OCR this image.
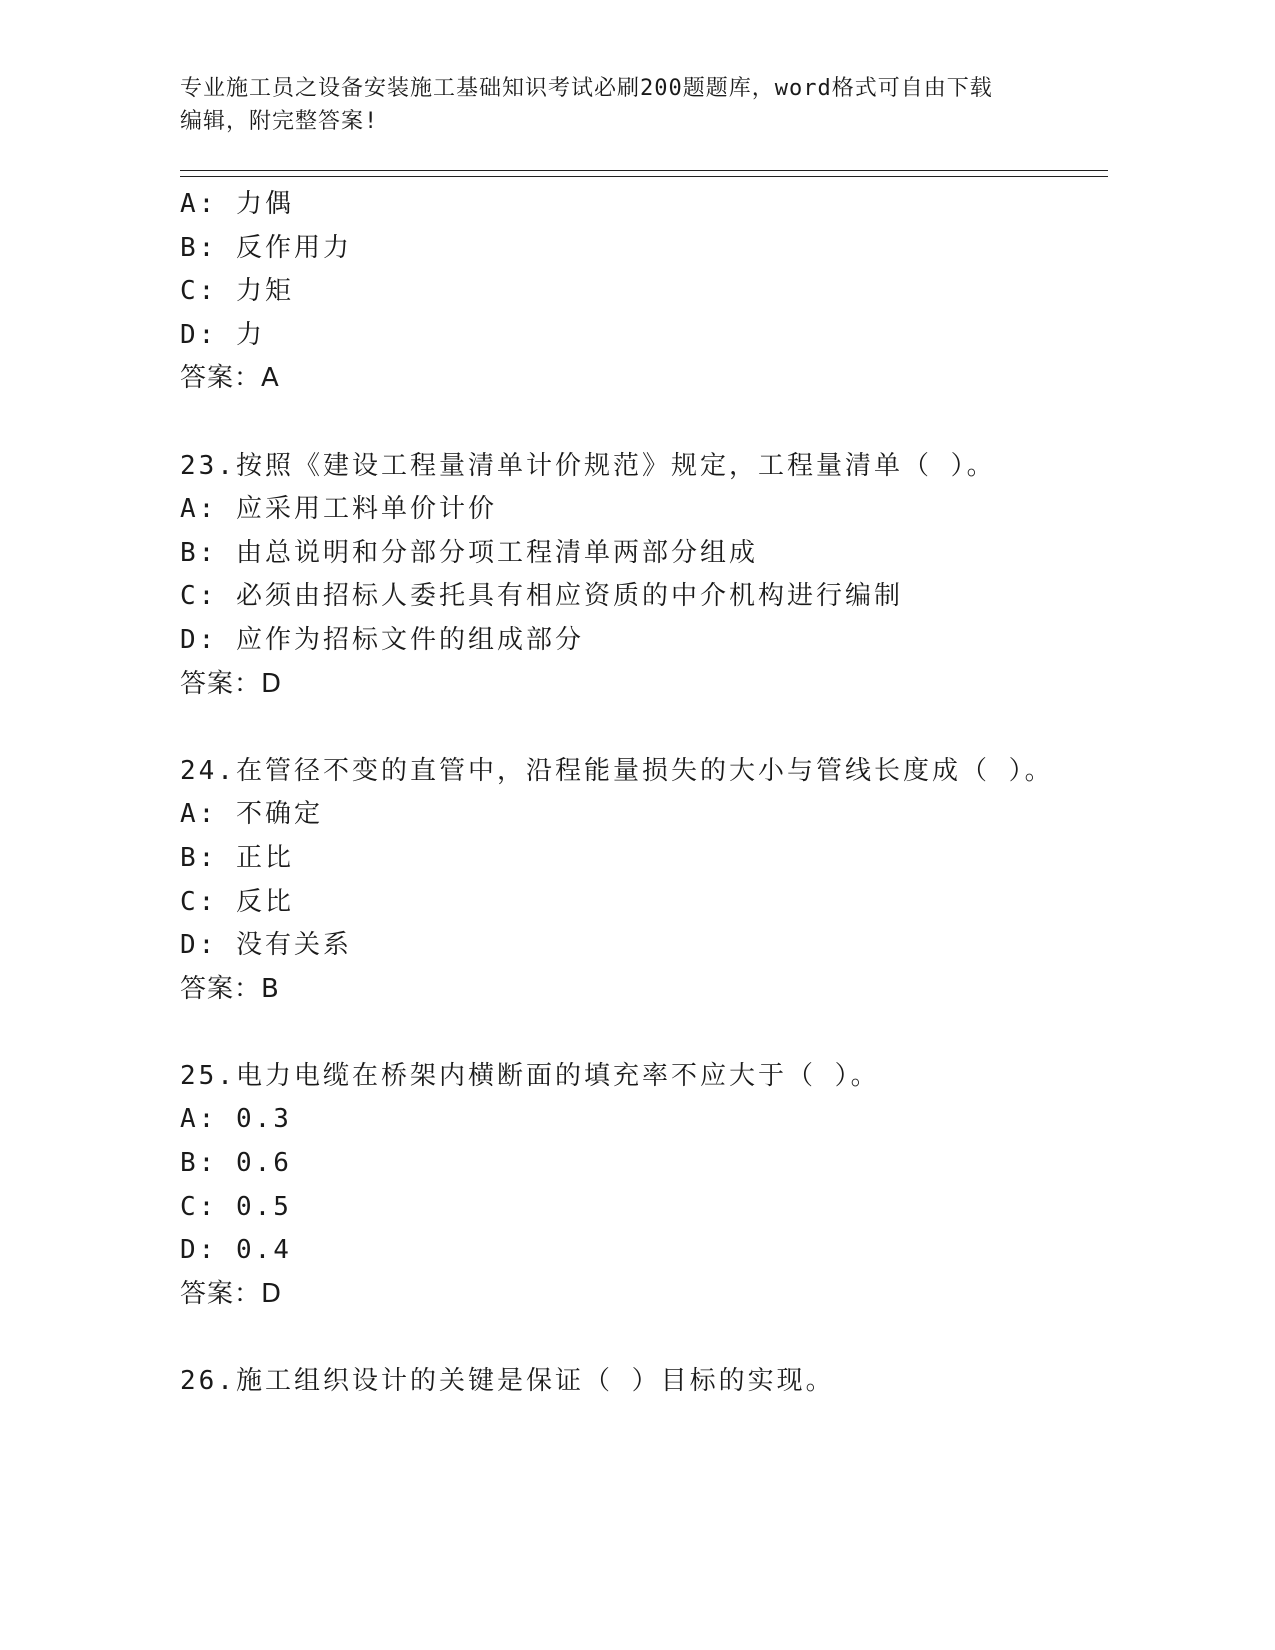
专业施工员之设备安装施工基础知识考试必刷200题题库，word格式可自由下载
编辑，附完整答案!
A: 力偶
B: 反作用力
C: 力矩
D: 力
答案：A
23.按照《建设工程量清单计价规范》规定，工程量清单（ ）。
A: 应采用工料单价计价
B: 由总说明和分部分项工程清单两部分组成
C: 必须由招标人委托具有相应资质的中介机构进行编制
D: 应作为招标文件的组成部分
答案：D
24.在管径不变的直管中，沿程能量损失的大小与管线长度成（ ）。
A: 不确定
B: 正比
C: 反比
D: 没有关系
答案：B
25.电力电缆在桥架内横断面的填充率不应大于（ ）。
A: 0.3
B: 0.6
C: 0.5
D: 0.4
答案：D
26.施工组织设计的关键是保证（ ）目标的实现。
